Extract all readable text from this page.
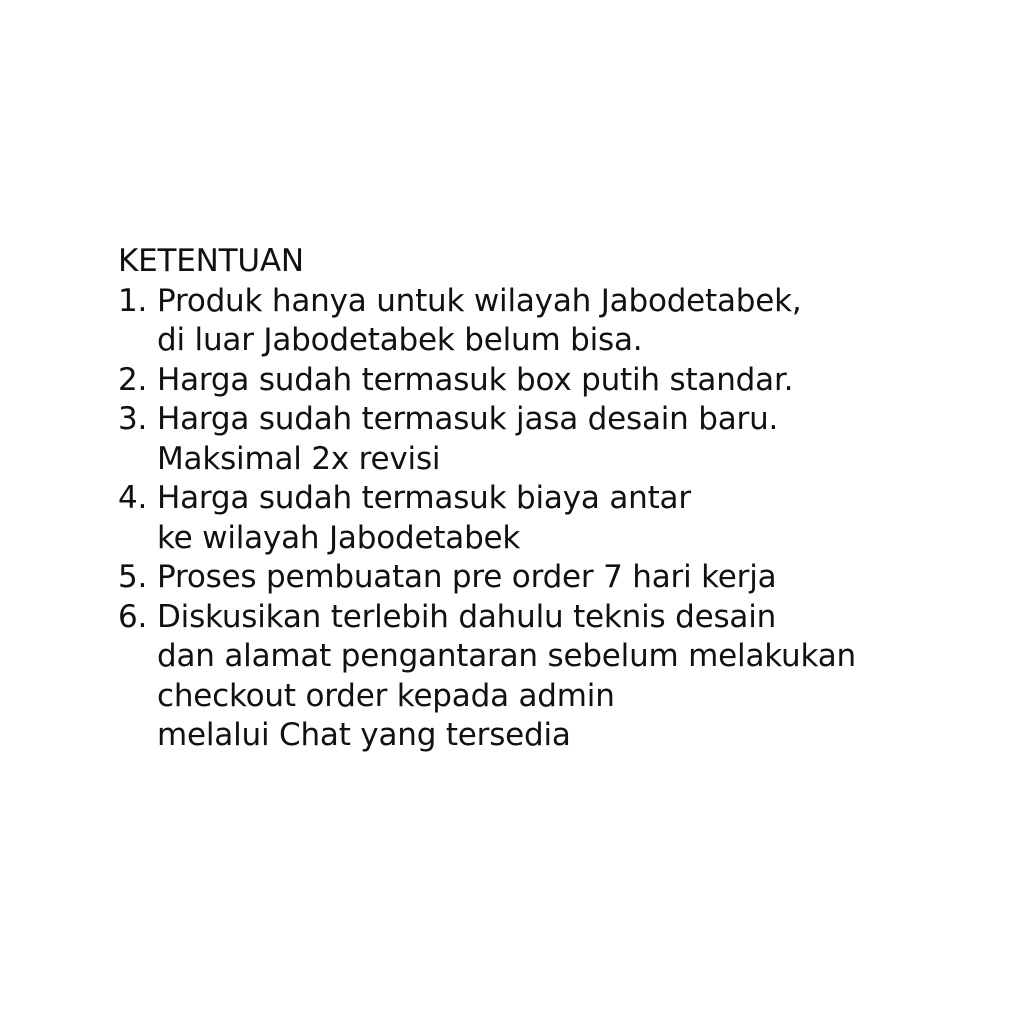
KETENTUAN
1. Produk hanya untuk wilayah Jabodetabek,
di luar Jabodetabek belum bisa.
2. Harga sudah termasuk box putih standar.
3. Harga sudah termasuk jasa desain baru.
Maksimal 2x revisi
4. Harga sudah termasuk biaya antar
ke wilayah Jabodetabek
5. Proses pembuatan pre order 7 hari kerja
6. Diskusikan terlebih dahulu teknis desain
dan alamat pengantaran sebelum melakukan
checkout order kepada admin
melalui Chat yang tersedia
